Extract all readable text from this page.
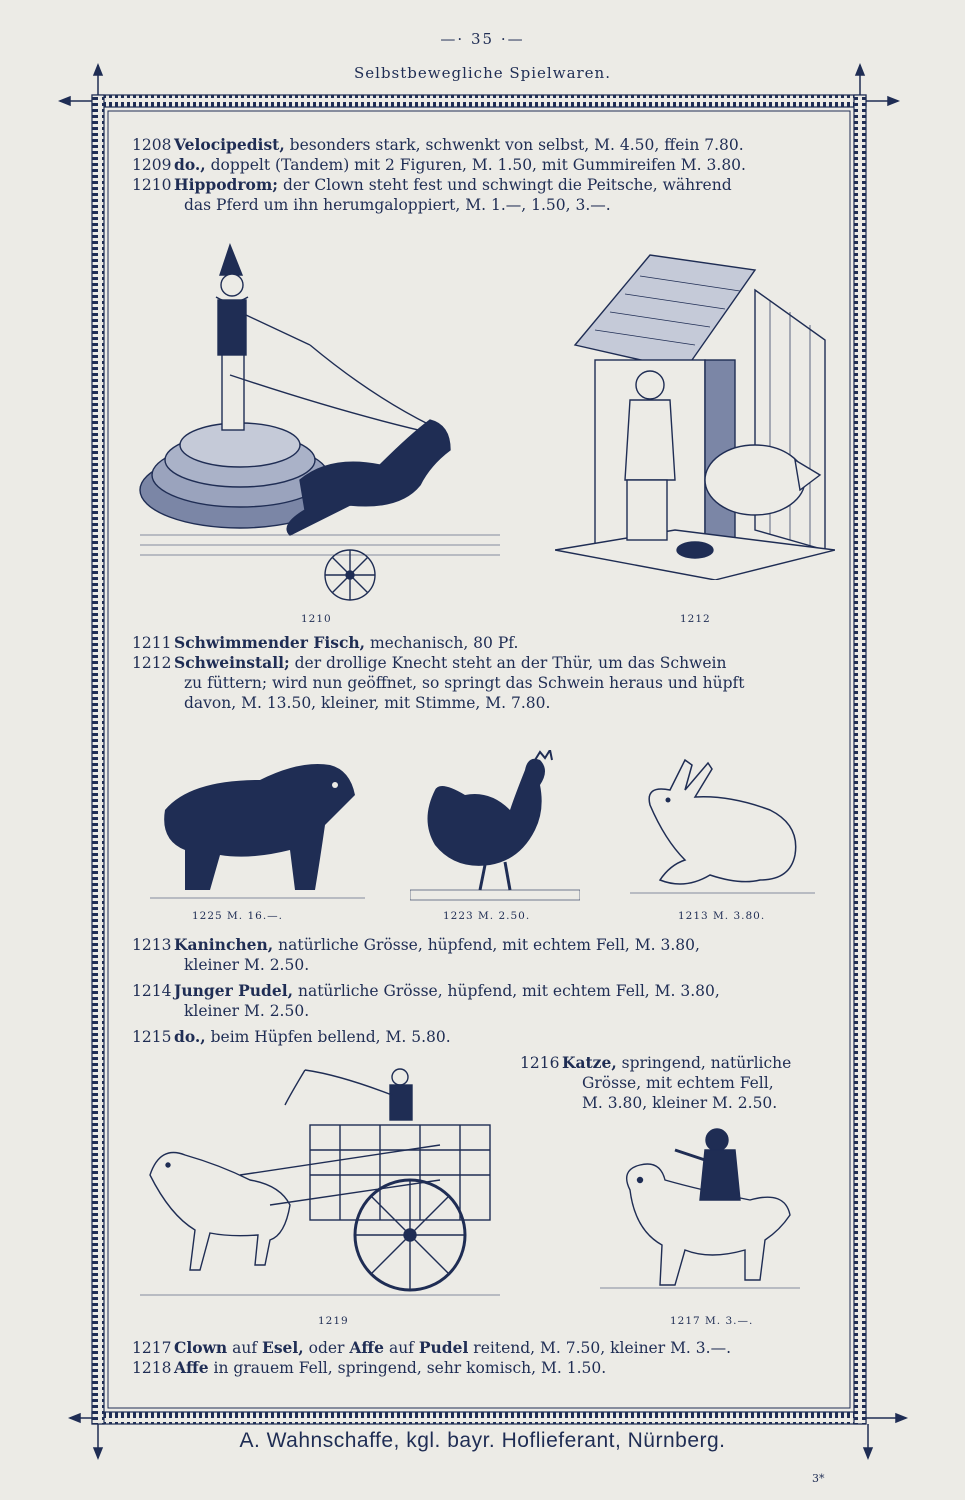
—· 35 ·—
Selbstbewegliche Spielwaren.

1208 Velocipedist, besonders stark, schwenkt von selbst, M. 4.50, ffein 7.80.

1209 do., doppelt (Tandem) mit 2 Figuren, M. 1.50, mit Gummireifen M. 3.80.

1210 Hippodrom; der Clown steht fest und schwingt die Peitsche, während
das Pferd um ihn herumgaloppiert, M. 1.—, 1.50, 3.—.

1210	1212

1211 Schwimmender Fisch, mechanisch, 80 Pf.

1212 Schweinstall; der drollige Knecht steht an der Thür, um das Schwein
zu füttern; wird nun geöffnet, so springt das Schwein heraus und hüpft
davon, M. 13.50, kleiner, mit Stimme, M. 7.80.

1225 M. 16.—.	1223 M. 2.50.	1213 M. 3.80.

1213 Kaninchen, natürliche Grösse, hüpfend, mit echtem Fell, M. 3.80,
kleiner M. 2.50.

1214 Junger Pudel, natürliche Grösse, hüpfend, mit echtem Fell, M. 3.80,
kleiner M. 2.50.

1215 do., beim Hüpfen bellend, M. 5.80.

1216 Katze, springend, natürliche

Grösse, mit echtem Fell,

M. 3.80, kleiner M. 2.50.

1219	1217 M. 3.—.

1217 Clown auf Esel, oder Affe auf Pudel reitend, M. 7.50, kleiner M. 3.—.

1218 Affe in grauem Fell, springend, sehr komisch, M. 1.50.

A. Wahnschaffe, kgl. bayr. Hoflieferant, Nürnberg.
3*
